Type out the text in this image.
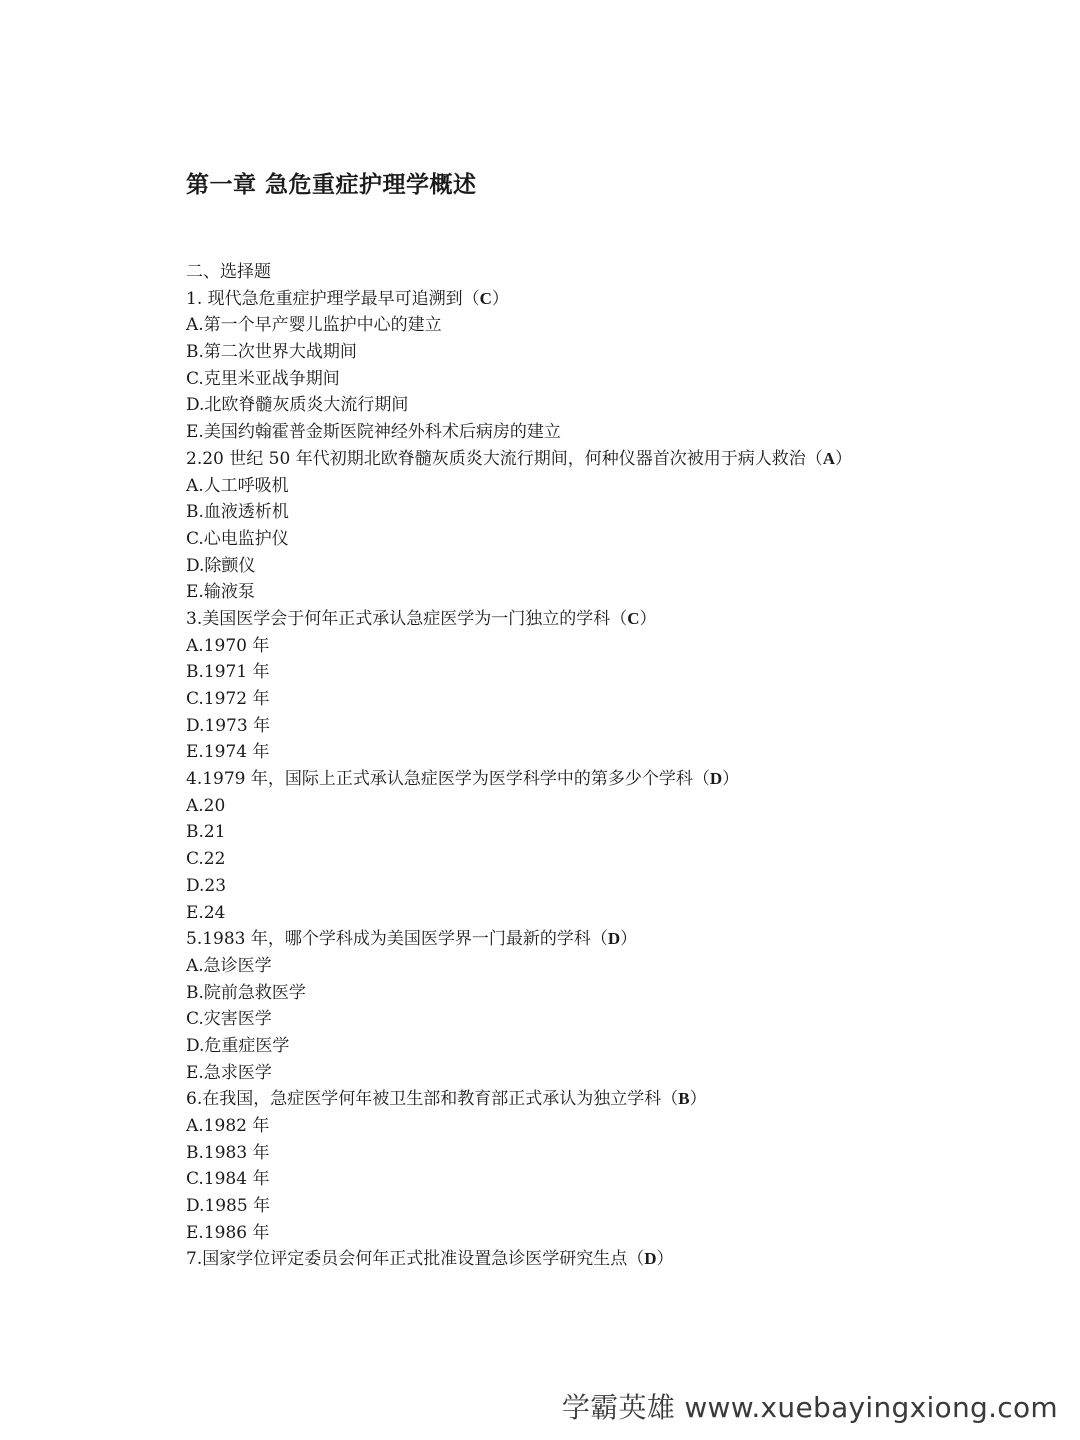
第一章 急危重症护理学概述
二、选择题
1. 现代急危重症护理学最早可追溯到（C）
A.第一个早产婴儿监护中心的建立
B.第二次世界大战期间
C.克里米亚战争期间
D.北欧脊髓灰质炎大流行期间
E.美国约翰霍普金斯医院神经外科术后病房的建立
2.20 世纪 50 年代初期北欧脊髓灰质炎大流行期间，何种仪器首次被用于病人救治（A）
A.人工呼吸机
B.血液透析机
C.心电监护仪
D.除颤仪
E.输液泵
3.美国医学会于何年正式承认急症医学为一门独立的学科（C）
A.1970 年
B.1971 年
C.1972 年
D.1973 年
E.1974 年
4.1979 年，国际上正式承认急症医学为医学科学中的第多少个学科（D）
A.20
B.21
C.22
D.23
E.24
5.1983 年，哪个学科成为美国医学界一门最新的学科（D）
A.急诊医学
B.院前急救医学
C.灾害医学
D.危重症医学
E.急求医学
6.在我国，急症医学何年被卫生部和教育部正式承认为独立学科（B）
A.1982 年
B.1983 年
C.1984 年
D.1985 年
E.1986 年
7.国家学位评定委员会何年正式批准设置急诊医学研究生点（D）
学霸英雄 www.xuebayingxiong.com
